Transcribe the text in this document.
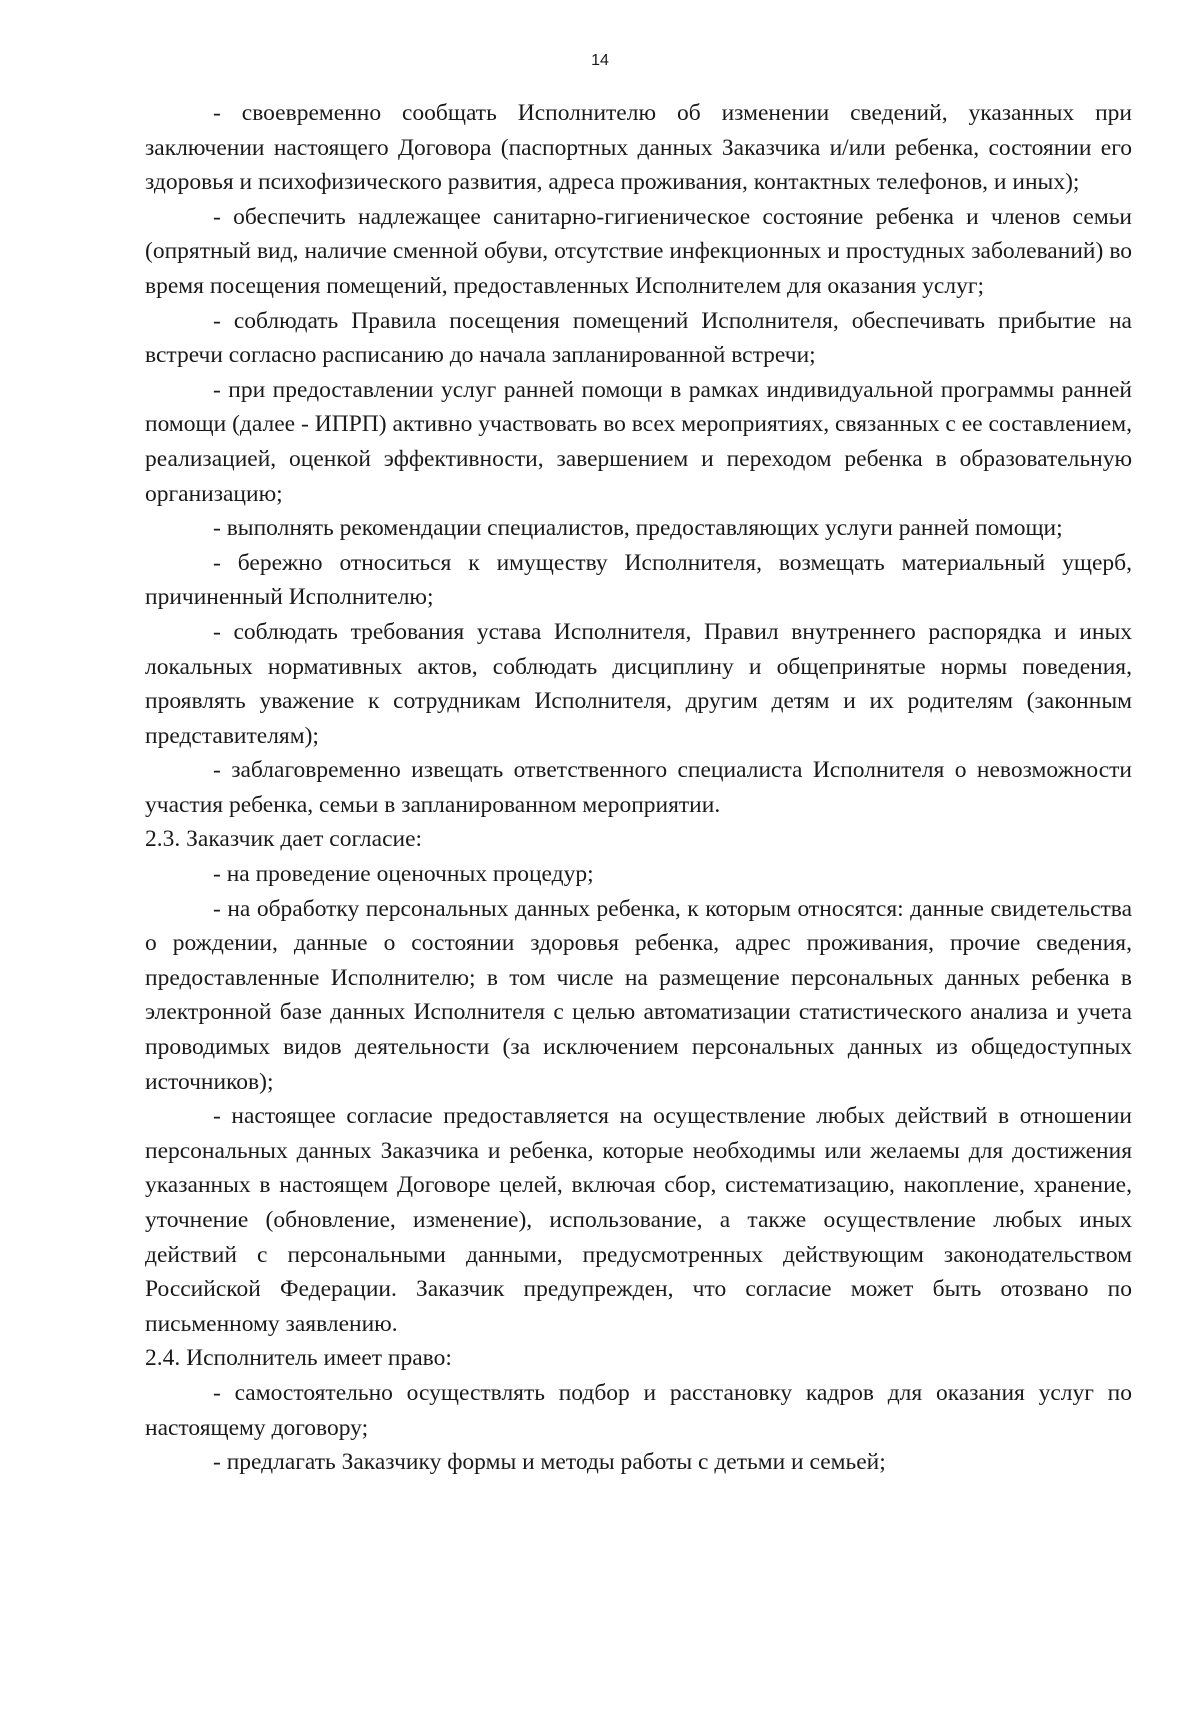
14

- своевременно сообщать Исполнителю об изменении сведений, указанных при заключении настоящего Договора (паспортных данных Заказчика и/или ребенка, состоянии его здоровья и психофизического развития, адреса проживания, контактных телефонов, и иных);

- обеспечить надлежащее санитарно-гигиеническое состояние ребенка и членов семьи (опрятный вид, наличие сменной обуви, отсутствие инфекционных и простудных заболеваний) во время посещения помещений, предоставленных Исполнителем для оказания услуг;

- соблюдать Правила посещения помещений Исполнителя, обеспечивать прибытие на встречи согласно расписанию до начала запланированной встречи;

- при предоставлении услуг ранней помощи в рамках индивидуальной программы ранней помощи (далее - ИПРП) активно участвовать во всех мероприятиях, связанных с ее составлением, реализацией, оценкой эффективности, завершением и переходом ребенка в образовательную организацию;

- выполнять рекомендации специалистов, предоставляющих услуги ранней помощи;

- бережно относиться к имуществу Исполнителя, возмещать материальный ущерб, причиненный Исполнителю;

- соблюдать требования устава Исполнителя, Правил внутреннего распорядка и иных локальных нормативных актов, соблюдать дисциплину и общепринятые нормы поведения, проявлять уважение к сотрудникам Исполнителя, другим детям и их родителям (законным представителям);

- заблаговременно извещать ответственного специалиста Исполнителя о невозможности участия ребенка, семьи в запланированном мероприятии.

2.3. Заказчик дает согласие:

- на проведение оценочных процедур;

- на обработку персональных данных ребенка, к которым относятся: данные свидетельства о рождении, данные о состоянии здоровья ребенка, адрес проживания, прочие сведения, предоставленные Исполнителю; в том числе на размещение персональных данных ребенка в электронной базе данных Исполнителя с целью автоматизации статистического анализа и учета проводимых видов деятельности (за исключением персональных данных из общедоступных источников);

- настоящее согласие предоставляется на осуществление любых действий в отношении персональных данных Заказчика и ребенка, которые необходимы или желаемы для достижения указанных в настоящем Договоре целей, включая сбор, систематизацию, накопление, хранение, уточнение (обновление, изменение), использование, а также осуществление любых иных действий с персональными данными, предусмотренных действующим законодательством Российской Федерации. Заказчик предупрежден, что согласие может быть отозвано по письменному заявлению.

2.4. Исполнитель имеет право:

- самостоятельно осуществлять подбор и расстановку кадров для оказания услуг по настоящему договору;

- предлагать Заказчику формы и методы работы с детьми и семьей;
